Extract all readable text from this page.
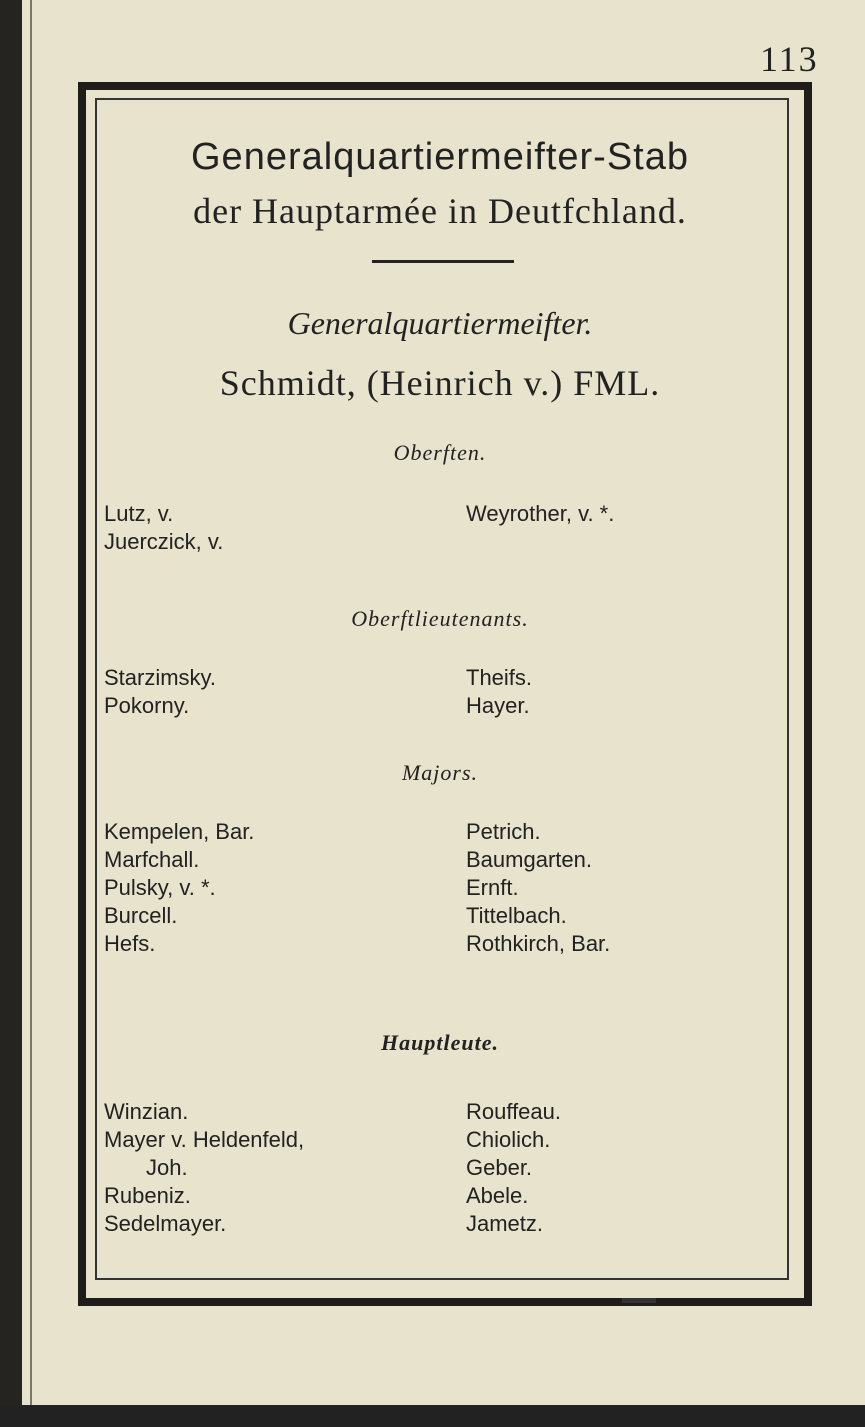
113
Generalquartiermeifter-Stab
der Hauptarmée in Deutfchland.
Generalquartiermeifter.
Schmidt, (Heinrich v.) FML.
Oberften.
Lutz, v.
Juerczick, v.
Weyrother, v. *.
Oberftlieutenants.
Starzimsky.
Pokorny.
Theifs.
Hayer.
Majors.
Kempelen, Bar.
Marfchall.
Pulsky, v. *.
Burcell.
Hefs.
Petrich.
Baumgarten.
Ernft.
Tittelbach.
Rothkirch, Bar.
Hauptleute.
Winzian.
Mayer v. Heldenfeld,
Joh.
Rubeniz.
Sedelmayer.
Rouffeau.
Chiolich.
Geber.
Abele.
Jametz.
